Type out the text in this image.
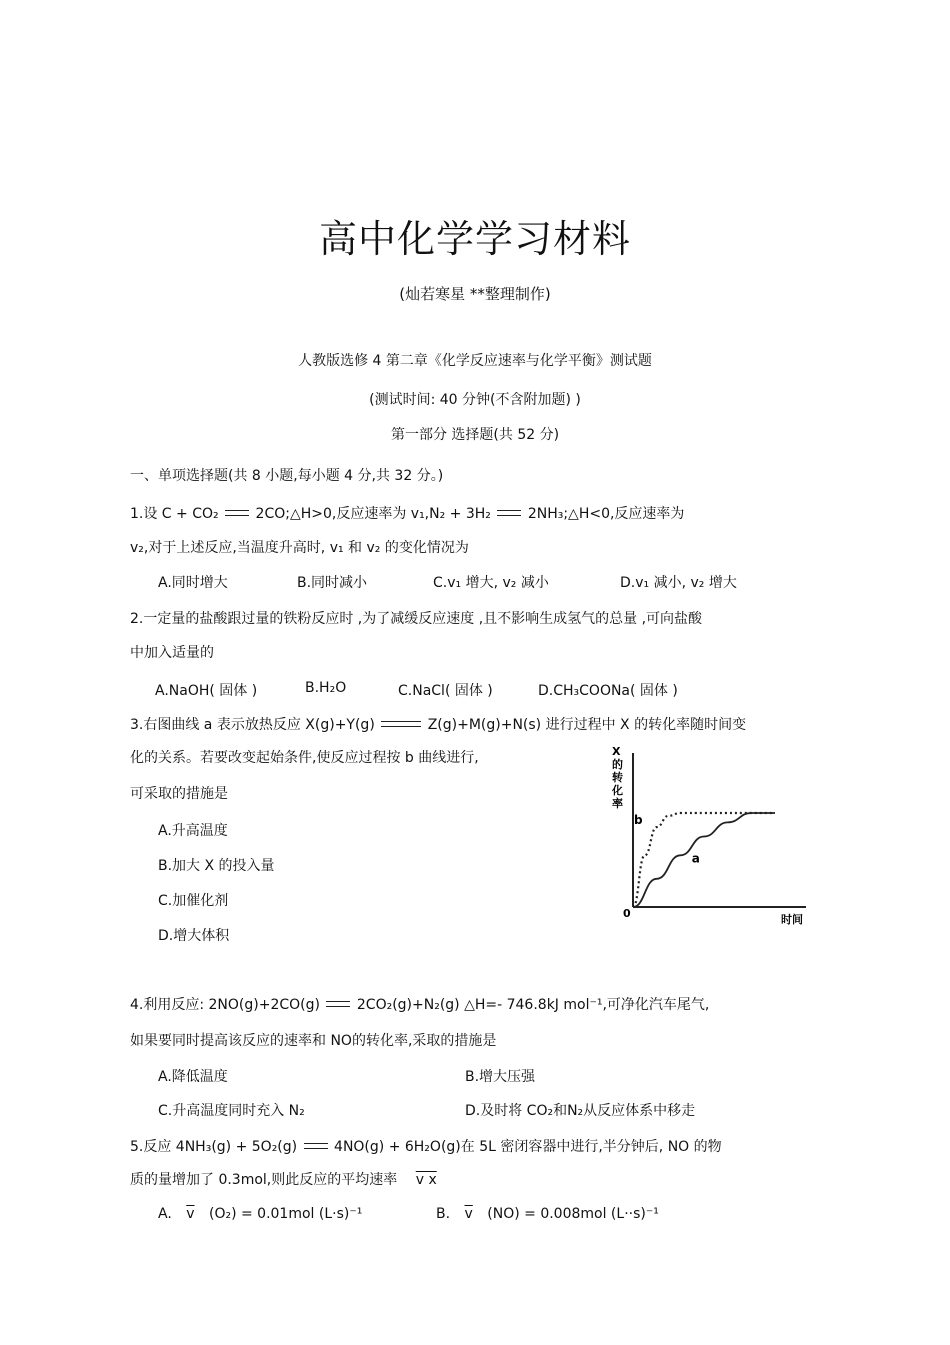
高中化学学习材料
(灿若寒星 **整理制作)
人教版选修 4 第二章《化学反应速率与化学平衡》测试题
(测试时间: 40 分钟(不含附加题) )
第一部分 选择题(共 52 分)
一、单项选择题(共 8 小题,每小题 4 分,共 32 分。)
1.设 C + CO₂	2CO;△H>0,反应速率为 v₁,N₂ + 3H₂	2NH₃;△H<0,反应速率为
v₂,对于上述反应,当温度升高时, v₁ 和 v₂ 的变化情况为
A.同时增大	B.同时减小	C.v₁ 增大, v₂ 减小	D.v₁ 减小, v₂ 增大
2.一定量的盐酸跟过量的铁粉反应时 ,为了减缓反应速度 ,且不影响生成氢气的总量 ,可向盐酸
中加入适量的
A.NaOH( 固体 )	B.H₂O	C.NaCl( 固体 )	D.CH₃COONa( 固体 )
3.右图曲线 a 表示放热反应 X(g)+Y(g)	Z(g)+M(g)+N(s) 进行过程中 X 的转化率随时间变
化的关系。若要改变起始条件,使反应过程按 b 曲线进行,
可采取的措施是
A.升高温度
B.加大 X 的投入量
C.加催化剂
D.增大体积
X 的转化率
0	时间
a
b
4.利用反应: 2NO(g)+2CO(g)	2CO₂(g)+N₂(g) △H=- 746.8kJ mol⁻¹,可净化汽车尾气,
如果要同时提高该反应的速率和 NO的转化率,采取的措施是
A.降低温度	B.增大压强
C.升高温度同时充入 N₂	D.及时将 CO₂和N₂从反应体系中移走
5.反应 4NH₃(g) + 5O₂(g)	4NO(g) + 6H₂O(g)在 5L 密闭容器中进行,半分钟后, NO 的物
质的量增加了 0.3mol,则此反应的平均速率 v x
A. $\overline{v}$ (O₂) = 0.01mol (L·s)⁻¹	B. $\overline{v}$ (NO) = 0.008mol (L··s)⁻¹
